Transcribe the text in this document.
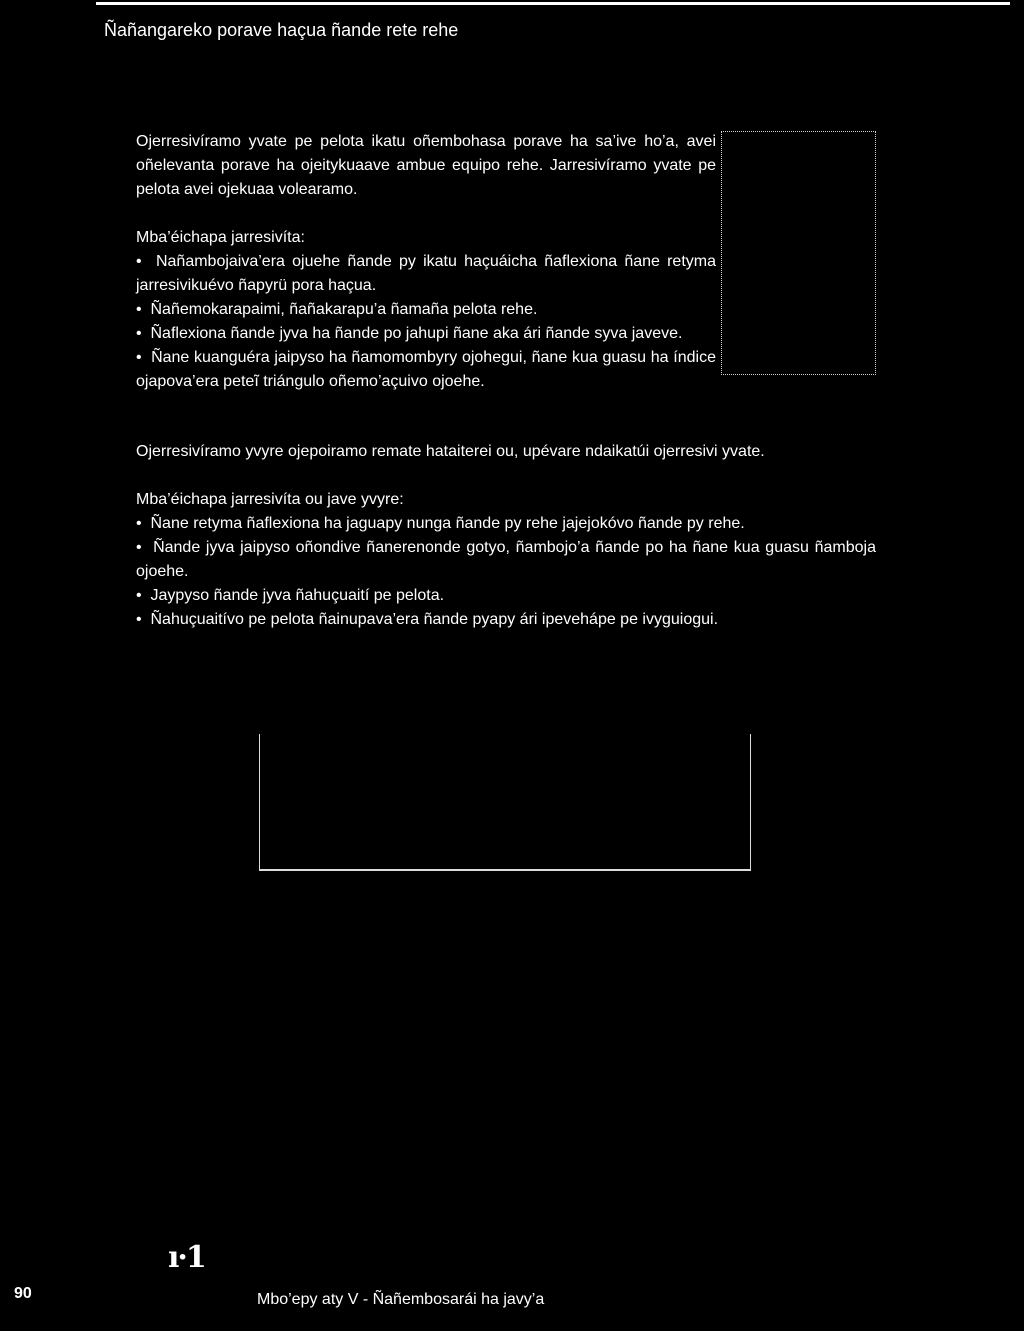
Ñañangareko porave haçua ñande rete rehe

Ojerresivíramo yvate pe pelota ikatu oñembohasa porave ha sa’ive ho’a, avei oñelevanta porave ha ojeitykuaave ambue equipo rehe. Jarresivíramo yvate pe pelota avei ojekuaa volearamo.

Mba’éichapa jarresivíta:

•  Nañambojaiva’era ojuehe ñande py ikatu haçuáicha ñaflexiona ñane retyma jarresivikuévo ñapyrü pora haçua.
•  Ñañemokarapaimi, ñañakarapu’a ñamaña pelota rehe.
•  Ñaflexiona ñande jyva ha ñande po jahupi ñane aka ári ñande syva javeve.
•  Ñane kuanguéra jaipyso ha ñamomombyry ojohegui, ñane kua guasu ha índice ojapova’era peteĩ triángulo oñemo’açuivo ojoehe.

Ojerresivíramo yvyre ojepoiramo remate hataiterei ou, upévare ndaikatúi ojerresivi yvate.

Mba’éichapa jarresivíta ou jave yvyre:

•  Ñane retyma ñaflexiona ha jaguapy nunga ñande py rehe jajejokóvo ñande py rehe.
•  Ñande jyva jaipyso oñondive ñanerenonde gotyo, ñambojo’a ñande po ha ñane kua guasu ñamboja ojoehe.
•  Jaypyso ñande jyva ñahuçuaití pe pelota.
•  Ñahuçuaitívo pe pelota ñainupava’era ñande pyapy ári ipeveháре pe ivyguiogui.
ı·1
90	Mbo’epy aty V - Ñañembosarái ha javy’a
